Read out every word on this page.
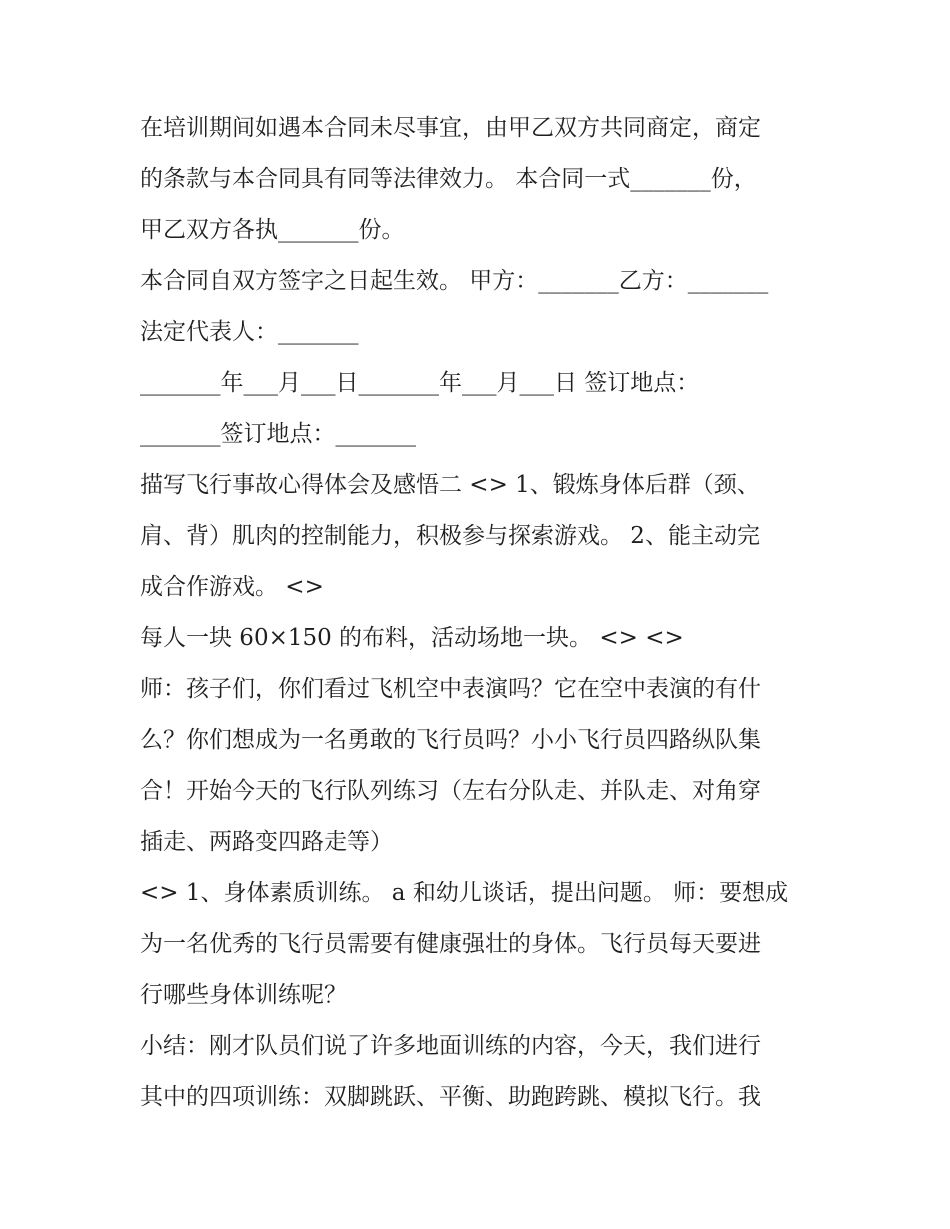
在培训期间如遇本合同未尽事宜，由甲乙双方共同商定，商定
的条款与本合同具有同等法律效力。 本合同一式_______份，
甲乙双方各执_______份。

本合同自双方签字之日起生效。 甲方：_______乙方：_______

法定代表人：_______

_______年___月___日_______年___月___日 签订地点：
_______签订地点：_______

描写飞行事故心得体会及感悟二 <> 1、锻炼身体后群（颈、
肩、背）肌肉的控制能力，积极参与探索游戏。 2、能主动完
成合作游戏。 <>

每人一块 60×150 的布料，活动场地一块。 <> <>

师：孩子们，你们看过飞机空中表演吗？它在空中表演的有什
么？你们想成为一名勇敢的飞行员吗？小小飞行员四路纵队集
合！开始今天的飞行队列练习（左右分队走、并队走、对角穿
插走、两路变四路走等）

<> 1、身体素质训练。 a 和幼儿谈话，提出问题。 师：要想成
为一名优秀的飞行员需要有健康强壮的身体。飞行员每天要进
行哪些身体训练呢？

小结：刚才队员们说了许多地面训练的内容，今天，我们进行
其中的四项训练：双脚跳跃、平衡、助跑跨跳、模拟飞行。我
